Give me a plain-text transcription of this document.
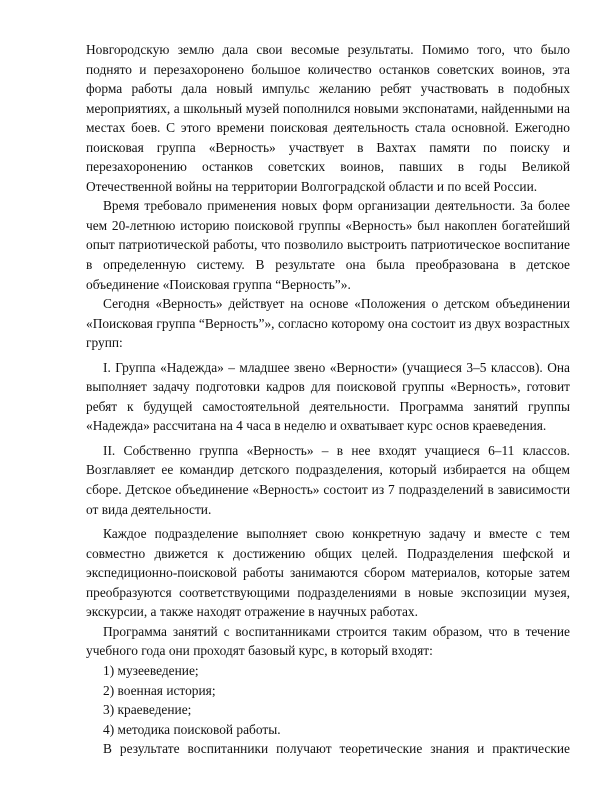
Новгородскую землю дала свои весомые результаты. Помимо того, что было поднято и перезахоронено большое количество останков советских воинов, эта форма работы дала новый импульс желанию ребят участвовать в подобных мероприятиях, а школьный музей пополнился новыми экспонатами, найденными на местах боев. С этого времени поисковая деятельность стала основной. Ежегодно поисковая группа «Верность» участвует в Вахтах памяти по поиску и перезахоронению останков советских воинов, павших в годы Великой Отечественной войны на территории Волгоградской области и по всей России.

Время требовало применения новых форм организации деятельности. За более чем 20-летнюю историю поисковой группы «Верность» был накоплен богатейший опыт патриотической работы, что позволило выстроить патриотическое воспитание в определенную систему. В результате она была преобразована в детское объединение «Поисковая группа “Верность”».

Сегодня «Верность» действует на основе «Положения о детском объединении «Поисковая группа “Верность”», согласно которому она состоит из двух возрастных групп:

I. Группа «Надежда» – младшее звено «Верности» (учащиеся 3–5 классов). Она выполняет задачу подготовки кадров для поисковой группы «Верность», готовит ребят к будущей самостоятельной деятельности. Программа занятий группы «Надежда» рассчитана на 4 часа в неделю и охватывает курс основ краеведения.

II. Собственно группа «Верность» – в нее входят учащиеся 6–11 классов. Возглавляет ее командир детского подразделения, который избирается на общем сборе. Детское объединение «Верность» состоит из 7 подразделений в зависимости от вида деятельности.

Каждое подразделение выполняет свою конкретную задачу и вместе с тем совместно движется к достижению общих целей. Подразделения шефской и экспедиционно-поисковой работы занимаются сбором материалов, которые затем преобразуются соответствующими подразделениями в новые экспозиции музея, экскурсии, а также находят отражение в научных работах.

Программа занятий с воспитанниками строится таким образом, что в течение учебного года они проходят базовый курс, в который входят:

1) музееведение;

2) военная история;

3) краеведение;

4) методика поисковой работы.

В результате воспитанники получают теоретические знания и практические
